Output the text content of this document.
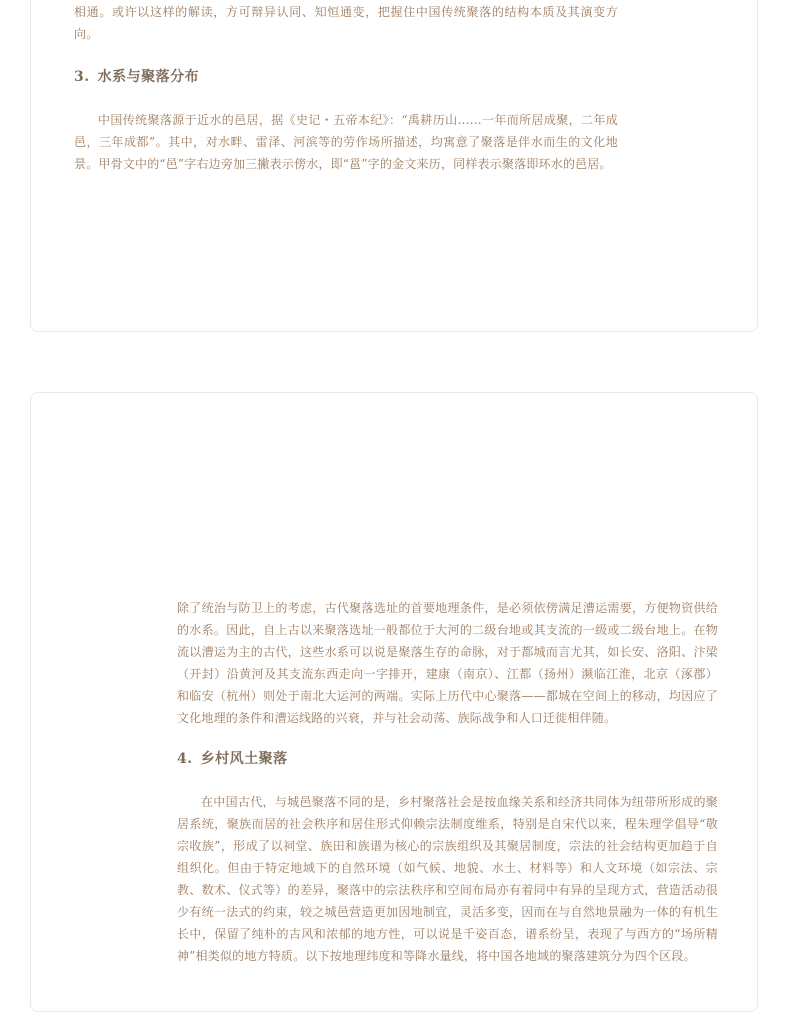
相通。或许以这样的解读，方可辩异认同、知恒通变，把握住中国传统聚落的结构本质及其演变方向。

3. 水系与聚落分布

中国传统聚落源于近水的邑居，据《史记・五帝本纪》：“禹耕历山……一年而所居成聚，二年成邑，三年成都”。其中，对水畔、雷泽、河滨等的劳作场所描述，均寓意了聚落是伴水而生的文化地景。甲骨文中的“邑”字右边旁加三撇表示傍水，即“邕”字的金文来历，同样表示聚落即环水的邑居。

除了统治与防卫上的考虑，古代聚落选址的首要地理条件，是必须依傍满足漕运需要，方便物资供给的水系。因此，自上古以来聚落选址一般都位于大河的二级台地或其支流的一级或二级台地上。在物流以漕运为主的古代，这些水系可以说是聚落生存的命脉，对于都城而言尤其，如长安、洛阳、汴梁（开封）沿黄河及其支流东西走向一字排开，建康（南京）、江都（扬州）濒临江淮，北京（涿郡）和临安（杭州）则处于南北大运河的两端。实际上历代中心聚落——都城在空间上的移动，均因应了文化地理的条件和漕运线路的兴衰，并与社会动荡、族际战争和人口迁徙相伴随。

4. 乡村风土聚落

在中国古代，与城邑聚落不同的是，乡村聚落社会是按血缘关系和经济共同体为纽带所形成的聚居系统，聚族而居的社会秩序和居住形式仰赖宗法制度维系，特别是自宋代以来，程朱理学倡导“敬宗收族”，形成了以祠堂、族田和族谱为核心的宗族组织及其聚居制度，宗法的社会结构更加趋于自组织化。但由于特定地域下的自然环境（如气候、地貌、水土、材料等）和人文环境（如宗法、宗教、数术、仪式等）的差异，聚落中的宗法秩序和空间布局亦有着同中有异的呈现方式，营造活动很少有统一法式的约束，较之城邑营造更加因地制宜，灵活多变，因而在与自然地景融为一体的有机生长中，保留了纯朴的古风和浓郁的地方性，可以说是千姿百态，谱系纷呈，表现了与西方的“场所精神”相类似的地方特质。以下按地理纬度和等降水量线，将中国各地域的聚落建筑分为四个区段。
